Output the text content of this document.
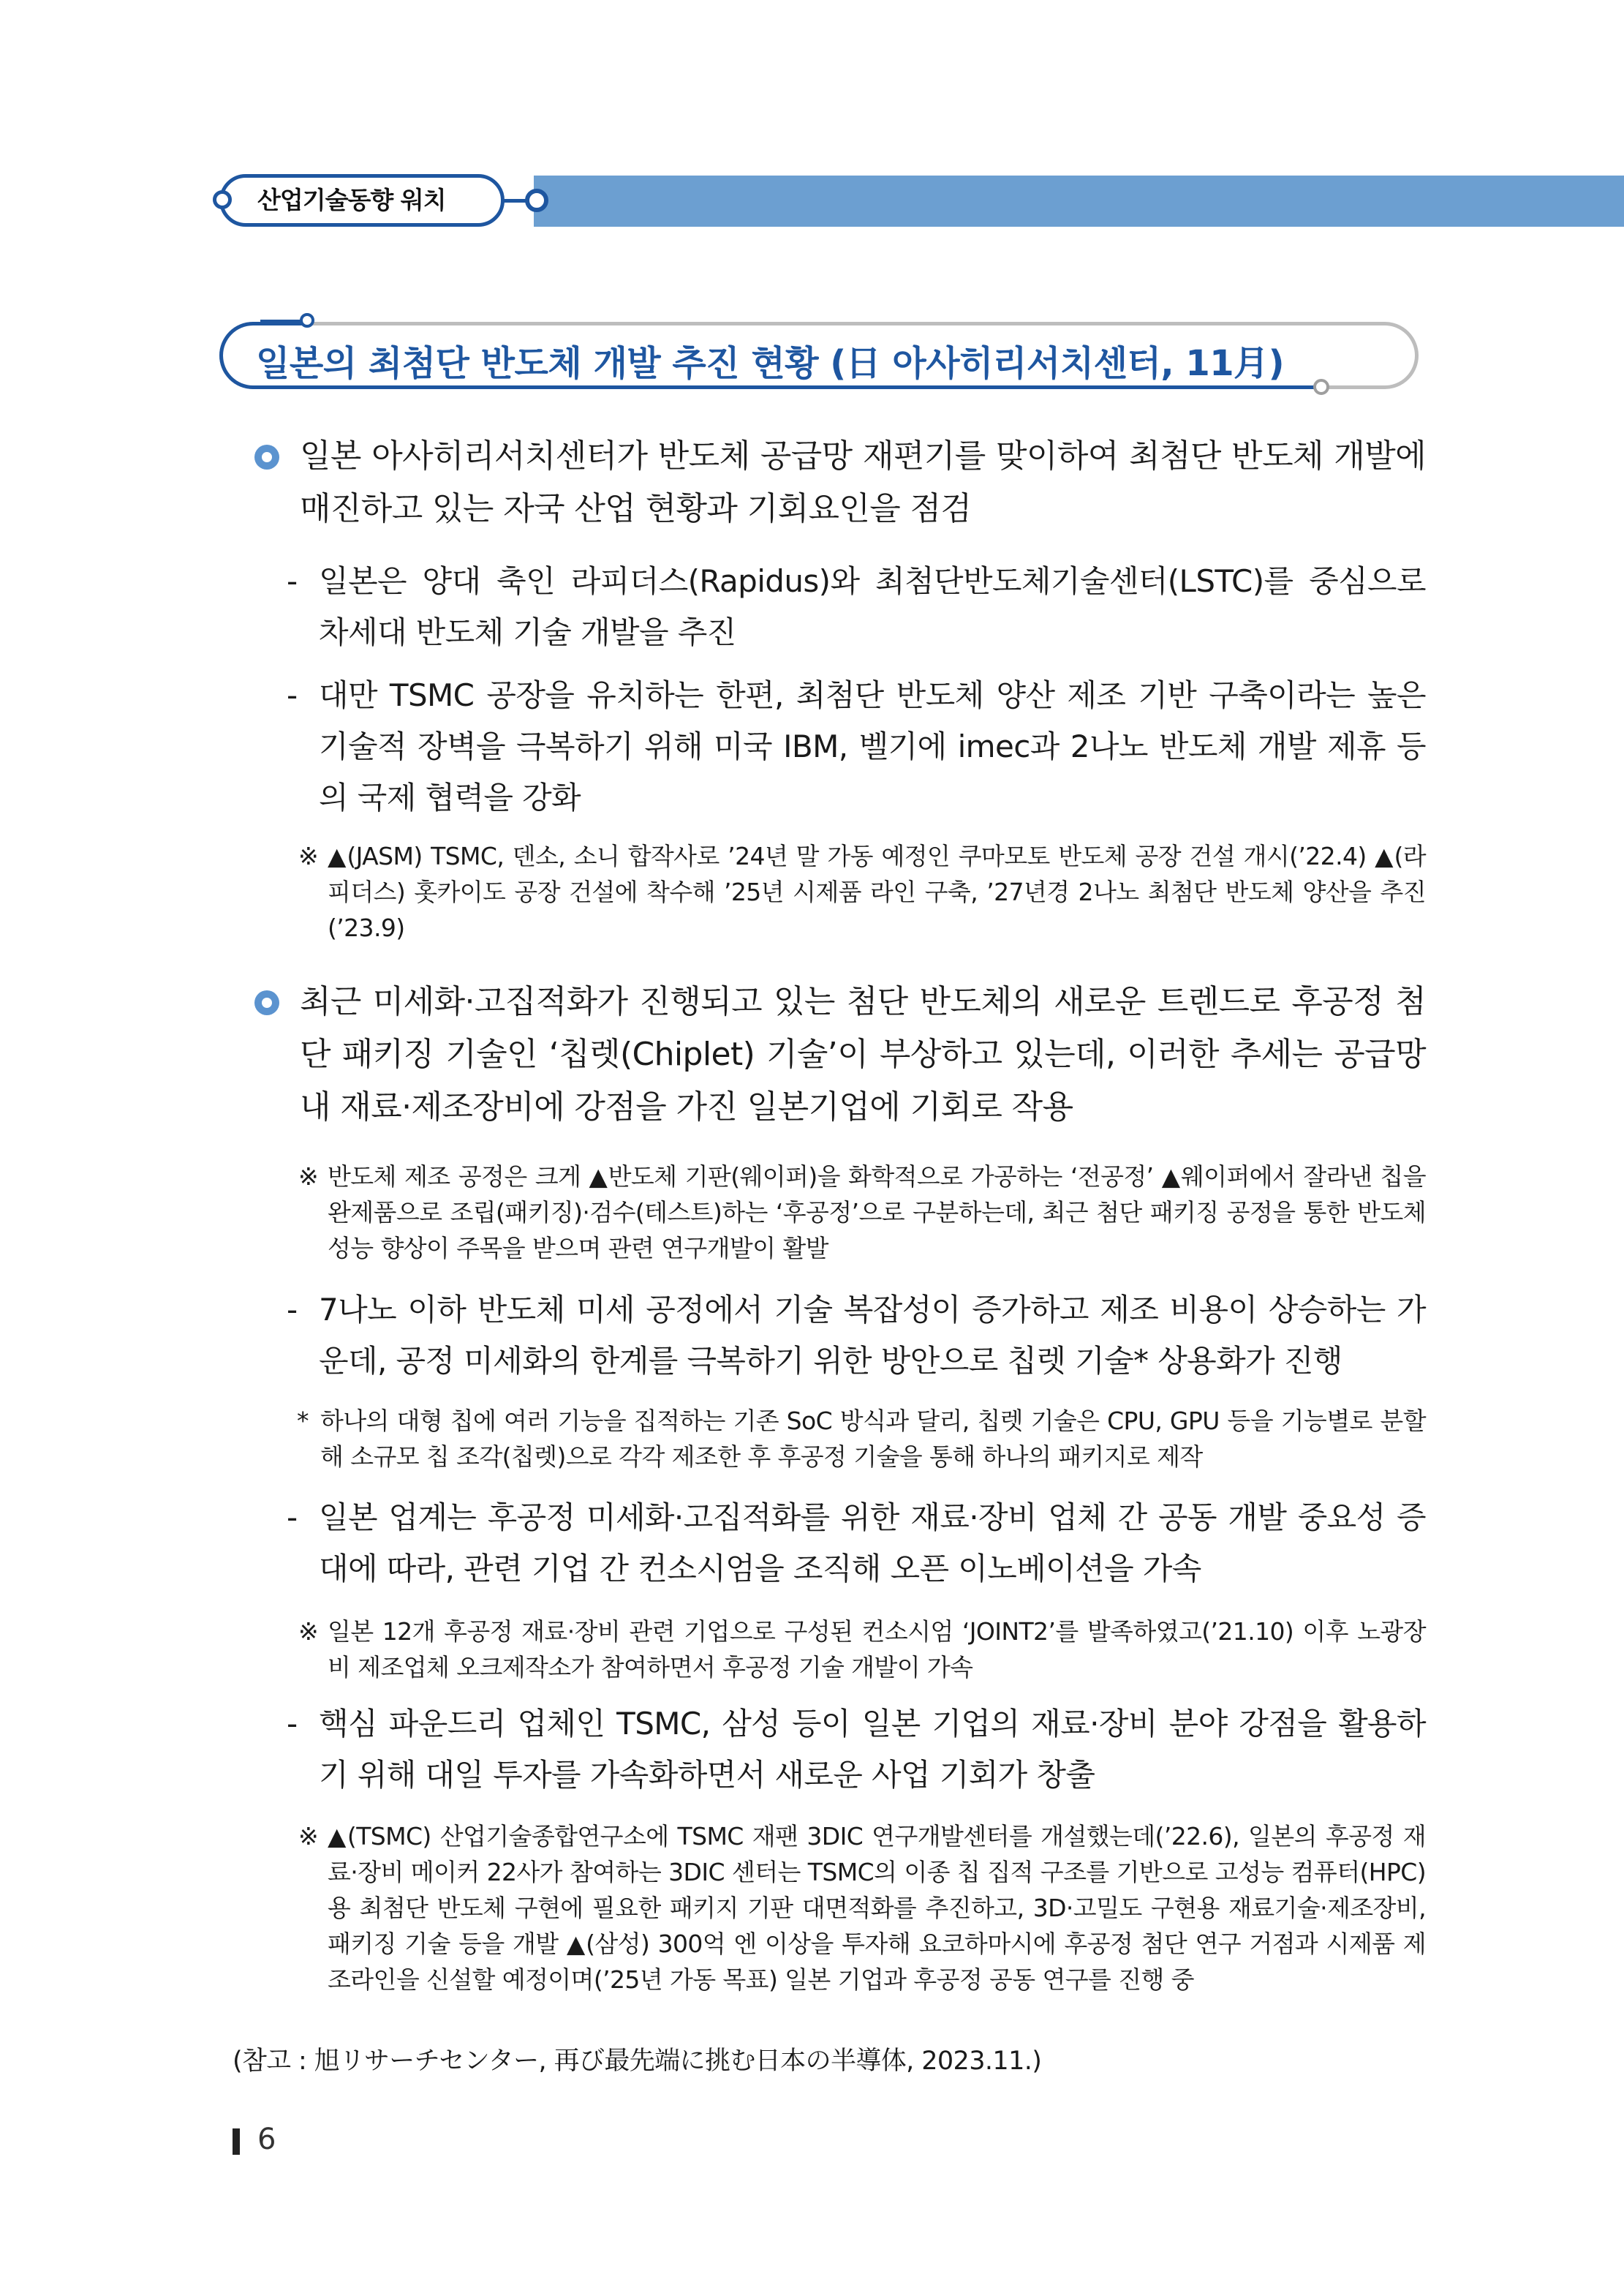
산업기술동향 워치
일본의 최첨단 반도체 개발 추진 현황 (日 아사히리서치센터, 11月)
일본 아사히리서치센터가 반도체 공급망 재편기를 맞이하여 최첨단 반도체 개발에 매진하고 있는 자국 산업 현황과 기회요인을 점검
- 일본은 양대 축인 라피더스(Rapidus)와 최첨단반도체기술센터(LSTC)를 중심으로 차세대 반도체 기술 개발을 추진
- 대만 TSMC 공장을 유치하는 한편, 최첨단 반도체 양산 제조 기반 구축이라는 높은 기술적 장벽을 극복하기 위해 미국 IBM, 벨기에 imec과 2나노 반도체 개발 제휴 등의 국제 협력을 강화
※ ▲(JASM) TSMC, 덴소, 소니 합작사로 ’24년 말 가동 예정인 쿠마모토 반도체 공장 건설 개시(’22.4) ▲(라피더스) 홋카이도 공장 건설에 착수해 ’25년 시제품 라인 구축, ’27년경 2나노 최첨단 반도체 양산을 추진(’23.9)
최근 미세화·고집적화가 진행되고 있는 첨단 반도체의 새로운 트렌드로 후공정 첨단 패키징 기술인 ‘칩렛(Chiplet) 기술’이 부상하고 있는데, 이러한 추세는 공급망 내 재료·제조장비에 강점을 가진 일본기업에 기회로 작용
※ 반도체 제조 공정은 크게 ▲반도체 기판(웨이퍼)을 화학적으로 가공하는 ‘전공정’ ▲웨이퍼에서 잘라낸 칩을 완제품으로 조립(패키징)·검수(테스트)하는 ‘후공정’으로 구분하는데, 최근 첨단 패키징 공정을 통한 반도체 성능 향상이 주목을 받으며 관련 연구개발이 활발
- 7나노 이하 반도체 미세 공정에서 기술 복잡성이 증가하고 제조 비용이 상승하는 가운데, 공정 미세화의 한계를 극복하기 위한 방안으로 칩렛 기술* 상용화가 진행
* 하나의 대형 칩에 여러 기능을 집적하는 기존 SoC 방식과 달리, 칩렛 기술은 CPU, GPU 등을 기능별로 분할해 소규모 칩 조각(칩렛)으로 각각 제조한 후 후공정 기술을 통해 하나의 패키지로 제작
- 일본 업계는 후공정 미세화·고집적화를 위한 재료·장비 업체 간 공동 개발 중요성 증대에 따라, 관련 기업 간 컨소시엄을 조직해 오픈 이노베이션을 가속
※ 일본 12개 후공정 재료·장비 관련 기업으로 구성된 컨소시엄 ‘JOINT2’를 발족하였고(’21.10) 이후 노광장비 제조업체 오크제작소가 참여하면서 후공정 기술 개발이 가속
- 핵심 파운드리 업체인 TSMC, 삼성 등이 일본 기업의 재료·장비 분야 강점을 활용하기 위해 대일 투자를 가속화하면서 새로운 사업 기회가 창출
※ ▲(TSMC) 산업기술종합연구소에 TSMC 재팬 3DIC 연구개발센터를 개설했는데(’22.6), 일본의 후공정 재료·장비 메이커 22사가 참여하는 3DIC 센터는 TSMC의 이종 칩 집적 구조를 기반으로 고성능 컴퓨터(HPC)용 최첨단 반도체 구현에 필요한 패키지 기판 대면적화를 추진하고, 3D·고밀도 구현용 재료기술·제조장비, 패키징 기술 등을 개발 ▲(삼성) 300억 엔 이상을 투자해 요코하마시에 후공정 첨단 연구 거점과 시제품 제조라인을 신설할 예정이며(’25년 가동 목표) 일본 기업과 후공정 공동 연구를 진행 중
(참고 : 旭リサーチセンター, 再び最先端に挑む日本の半導体, 2023.11.)
6
